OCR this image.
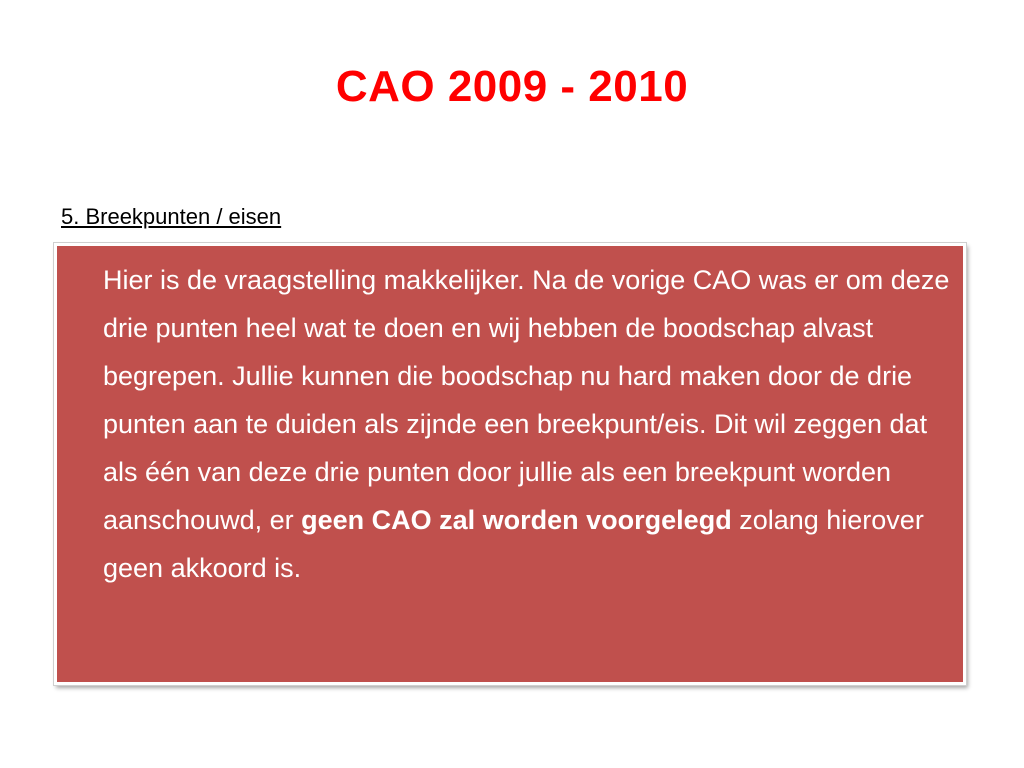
CAO 2009 - 2010
5. Breekpunten / eisen

Hier is de vraagstelling makkelijker. Na de vorige CAO was er om deze drie punten heel wat te doen en wij hebben de boodschap alvast begrepen. Jullie kunnen die boodschap nu hard maken door de drie punten aan te duiden als zijnde een breekpunt/eis. Dit wil zeggen dat als één van deze drie punten door jullie als een breekpunt worden aanschouwd, er geen CAO zal worden voorgelegd zolang hierover geen akkoord is.
